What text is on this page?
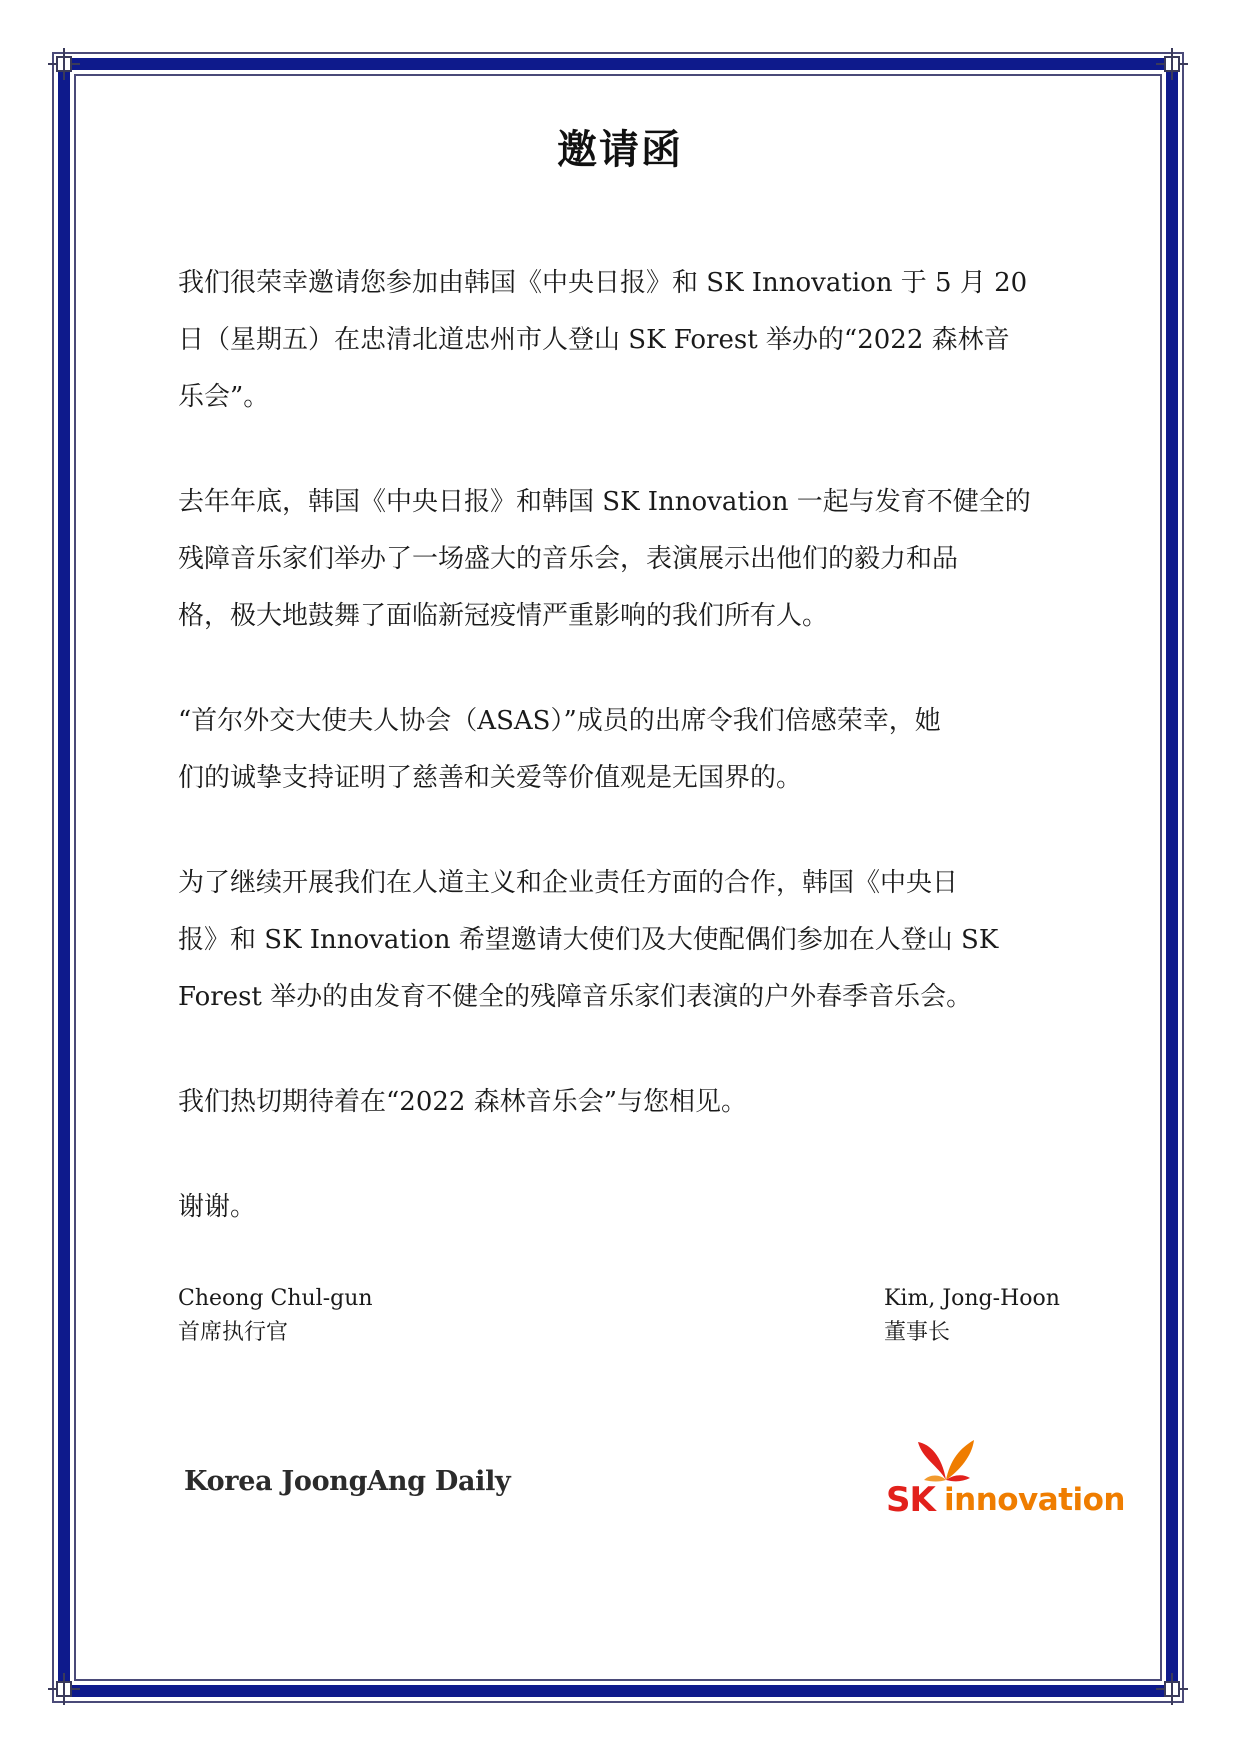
邀请函

我们很荣幸邀请您参加由韩国《中央日报》和 SK Innovation 于 5 月 20
日（星期五）在忠清北道忠州市人登山 SK Forest 举办的“2022 森林音
乐会”。

去年年底，韩国《中央日报》和韩国 SK Innovation 一起与发育不健全的
残障音乐家们举办了一场盛大的音乐会，表演展示出他们的毅力和品
格，极大地鼓舞了面临新冠疫情严重影响的我们所有人。

“首尔外交大使夫人协会（ASAS）”成员的出席令我们倍感荣幸，她
们的诚挚支持证明了慈善和关爱等价值观是无国界的。

为了继续开展我们在人道主义和企业责任方面的合作，韩国《中央日
报》和 SK Innovation 希望邀请大使们及大使配偶们参加在人登山 SK
Forest 举办的由发育不健全的残障音乐家们表演的户外春季音乐会。

我们热切期待着在“2022 森林音乐会”与您相见。

谢谢。

Cheong Chul-gun
首席执行官
Kim, Jong-Hoon
董事长
Korea JoongAng Daily	SK innovation
